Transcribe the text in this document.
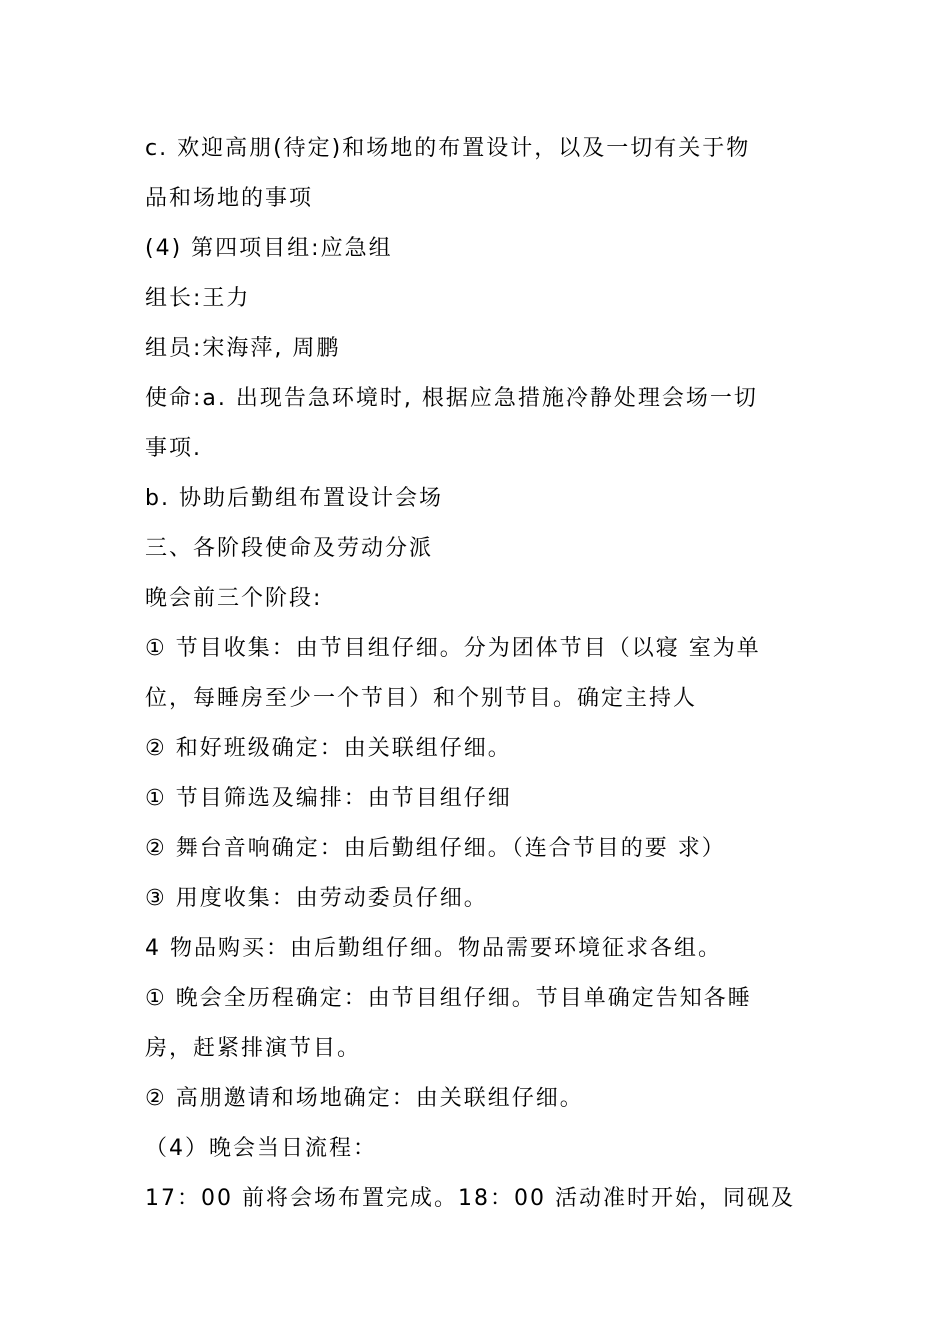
c. 欢迎高朋(待定)和场地的布置设计，以及一切有关于物
品和场地的事项
(4) 第四项目组:应急组
组长:王力
组员:宋海萍, 周鹏
使命:a. 出现告急环境时, 根据应急措施冷静处理会场一切
事项.
b. 协助后勤组布置设计会场
三、各阶段使命及劳动分派
晚会前三个阶段:
① 节目收集：由节目组仔细。分为团体节目（以寝 室为单
位，每睡房至少一个节目）和个别节目。确定主持人
② 和好班级确定：由关联组仔细。
① 节目筛选及编排：由节目组仔细
② 舞台音响确定：由后勤组仔细。（连合节目的要 求）
③ 用度收集：由劳动委员仔细。
4 物品购买：由后勤组仔细。物品需要环境征求各组。
① 晚会全历程确定：由节目组仔细。节目单确定告知各睡
房，赶紧排演节目。
② 高朋邀请和场地确定：由关联组仔细。
（4）晚会当日流程：
17：00 前将会场布置完成。18：00 活动准时开始，同砚及
